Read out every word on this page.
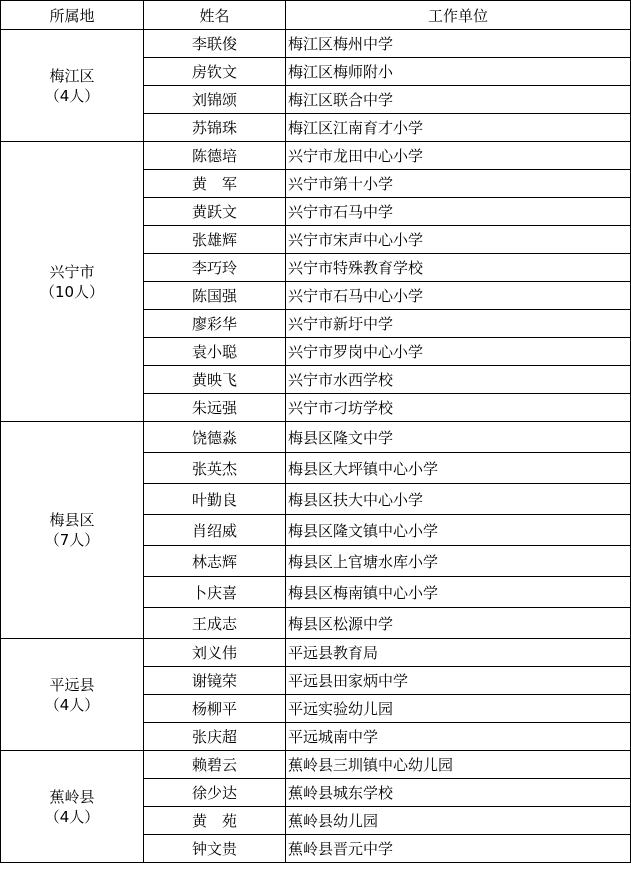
所属地	姓名	工作单位

梅江区
（4人）	李联俊	梅江区梅州中学
	房钦文	梅江区梅师附小
	刘锦颂	梅江区联合中学
	苏锦珠	梅江区江南育才小学

兴宁市
（10人）	陈德培	兴宁市龙田中心小学
	黄　军	兴宁市第十小学
	黄跃文	兴宁市石马中学
	张雄辉	兴宁市宋声中心小学
	李巧玲	兴宁市特殊教育学校
	陈国强	兴宁市石马中心小学
	廖彩华	兴宁市新圩中学
	袁小聪	兴宁市罗岗中心小学
	黄映飞	兴宁市水西学校
	朱远强	兴宁市刁坊学校

梅县区
（7人）	饶德淼	梅县区隆文中学
	张英杰	梅县区大坪镇中心小学
	叶勤良	梅县区扶大中心小学
	肖绍威	梅县区隆文镇中心小学
	林志辉	梅县区上官塘水库小学
	卜庆喜	梅县区梅南镇中心小学
	王成志	梅县区松源中学

平远县
（4人）	刘义伟	平远县教育局
	谢镜荣	平远县田家炳中学
	杨柳平	平远实验幼儿园
	张庆超	平远城南中学

蕉岭县
（4人）	赖碧云	蕉岭县三圳镇中心幼儿园
	徐少达	蕉岭县城东学校
	黄　苑	蕉岭县幼儿园
	钟文贵	蕉岭县晋元中学
